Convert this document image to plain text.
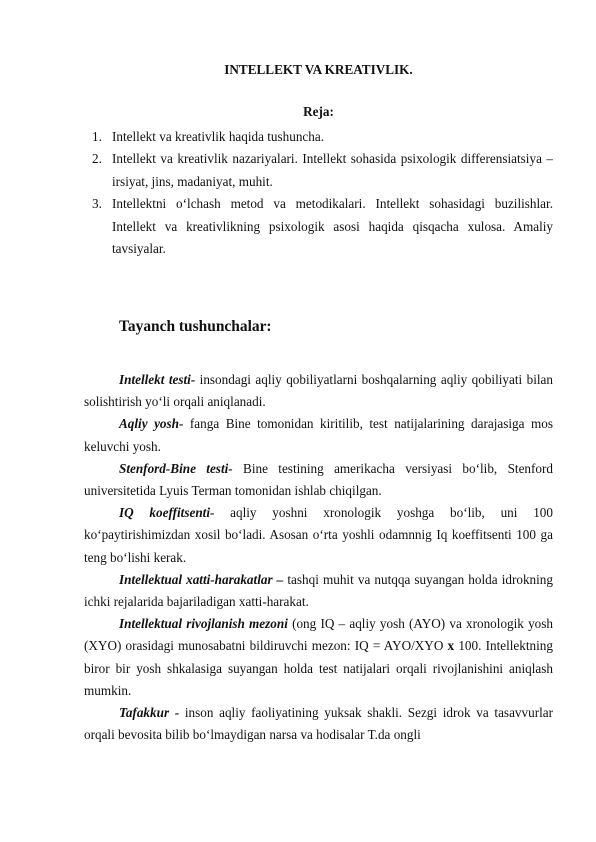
INTELLEKT VA KREATIVLIK.
Reja:
1. Intellekt va kreativlik haqida tushuncha.
2. Intellekt va kreativlik nazariyalari. Intellekt sohasida psixologik differensiatsiya – irsiyat, jins, madaniyat, muhit.
3. Intellektni o‘lchash metod va metodikalari. Intellekt sohasidagi buzilishlar. Intellekt va kreativlikning psixologik asosi haqida qisqacha xulosa. Amaliy tavsiyalar.
Tayanch tushunchalar:

Intellekt testi- insondagi aqliy qobiliyatlarni boshqalarning aqliy qobiliyati bilan solishtirish yo‘li orqali aniqlanadi.

Aqliy yosh- fanga Bine tomonidan kiritilib, test natijalarining darajasiga mos keluvchi yosh.

Stenford-Bine testi- Bine testining amerikacha versiyasi bo‘lib, Stenford universitetida Lyuis Terman tomonidan ishlab chiqilgan.

IQ koeffitsenti- aqliy yoshni xronologik yoshga bo‘lib, uni 100 ko‘paytirishimizdan xosil bo‘ladi. Asosan o‘rta yoshli odamnnig Iq koeffitsenti 100 ga teng bo‘lishi kerak.

Intellektual xatti-harakatlar – tashqi muhit va nutqqa suyangan holda idrokning ichki rejalarida bajariladigan xatti-harakat.

Intellektual rivojlanish mezoni (ong IQ – aqliy yosh (AYO) va xronologik yosh (XYO) orasidagi munosabatni bildiruvchi mezon: IQ = AYO/XYO x 100. Intellektning biror bir yosh shkalasiga suyangan holda test natijalari orqali rivojlanishini aniqlash mumkin.

Tafakkur - inson aqliy faoliyatining yuksak shakli. Sezgi idrok va tasavvurlar orqali bevosita bilib bo‘lmaydigan narsa va hodisalar T.da ongli
